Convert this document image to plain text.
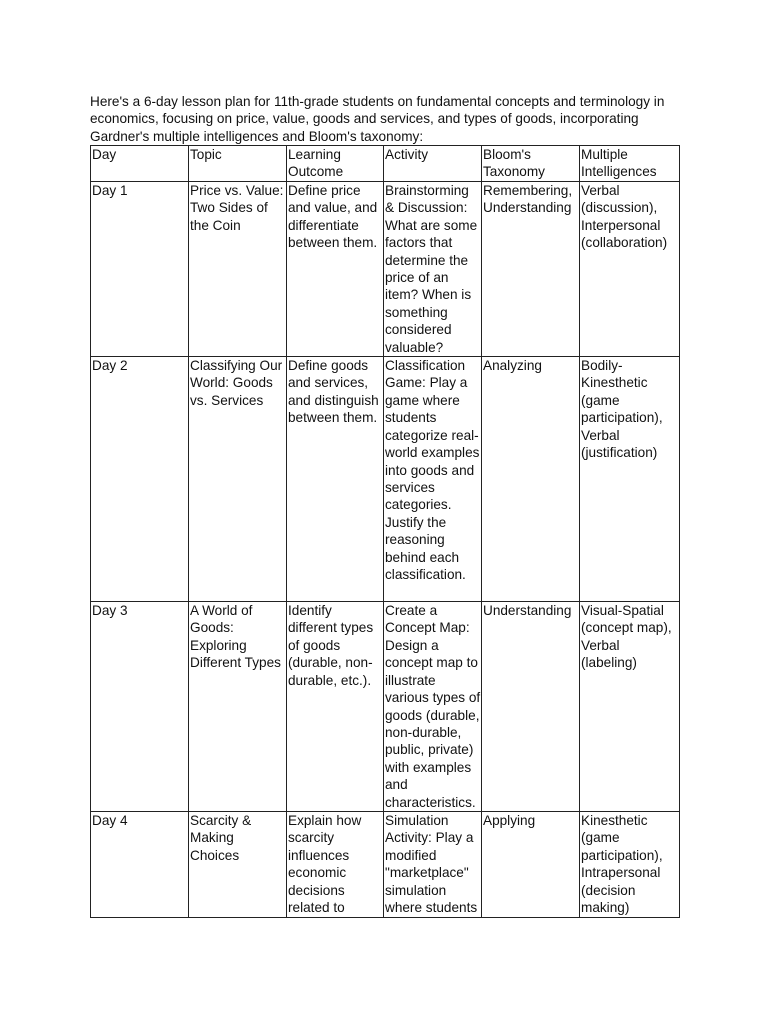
Here's a 6-day lesson plan for 11th-grade students on fundamental concepts and terminology in economics, focusing on price, value, goods and services, and types of goods, incorporating Gardner's multiple intelligences and Bloom's taxonomy:

Day	Topic	Learning Outcome	Activity	Bloom's Taxonomy	Multiple Intelligences
Day 1	Price vs. Value: Two Sides of the Coin	Define price and value, and differentiate between them.	Brainstorming & Discussion: What are some factors that determine the price of an item? When is something considered valuable?	Remembering, Understanding	Verbal (discussion), Interpersonal (collaboration)
Day 2	Classifying Our World: Goods vs. Services	Define goods and services, and distinguish between them.	Classification Game: Play a game where students categorize real-world examples into goods and services categories. Justify the reasoning behind each classification.	Analyzing	Bodily-Kinesthetic (game participation), Verbal (justification)
Day 3	A World of Goods: Exploring Different Types	Identify different types of goods (durable, non-durable, etc.).	Create a Concept Map: Design a concept map to illustrate various types of goods (durable, non-durable, public, private) with examples and characteristics.	Understanding	Visual-Spatial (concept map), Verbal (labeling)
Day 4	Scarcity & Making Choices	Explain how scarcity influences economic decisions related to	Simulation Activity: Play a modified "marketplace" simulation where students	Applying	Kinesthetic (game participation), Intrapersonal (decision making)
